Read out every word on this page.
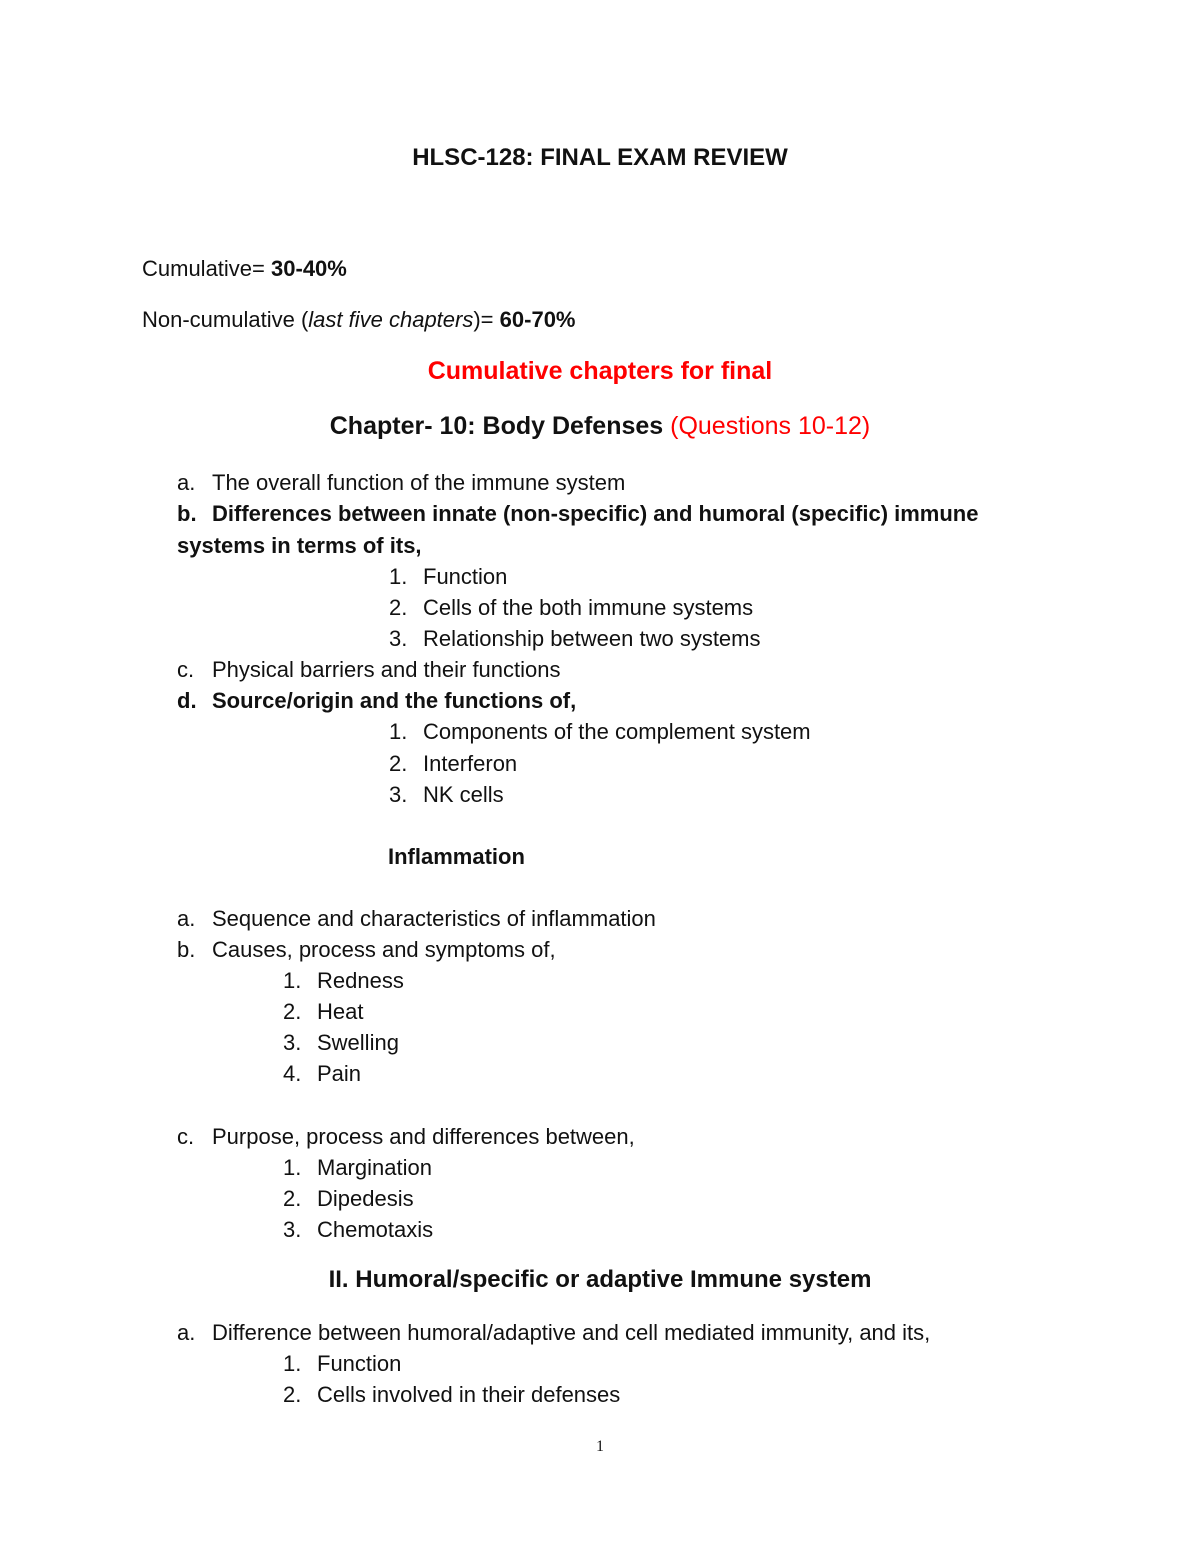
HLSC-128: FINAL EXAM REVIEW
Cumulative= 30-40%
Non-cumulative (last five chapters)= 60-70%
Cumulative chapters for final
Chapter- 10: Body Defenses (Questions 10-12)
a. The overall function of the immune system
b. Differences between innate (non-specific) and humoral (specific) immune
systems in terms of its,
1. Function
2. Cells of the both immune systems
3. Relationship between two systems
c. Physical barriers and their functions
d. Source/origin and the functions of,
1. Components of the complement system
2. Interferon
3. NK cells
Inflammation
a. Sequence and characteristics of inflammation
b. Causes, process and symptoms of,
1. Redness
2. Heat
3. Swelling
4. Pain
c. Purpose, process and differences between,
1. Margination
2. Dipedesis
3. Chemotaxis
II. Humoral/specific or adaptive Immune system
a. Difference between humoral/adaptive and cell mediated immunity, and its,
1. Function
2. Cells involved in their defenses
1
